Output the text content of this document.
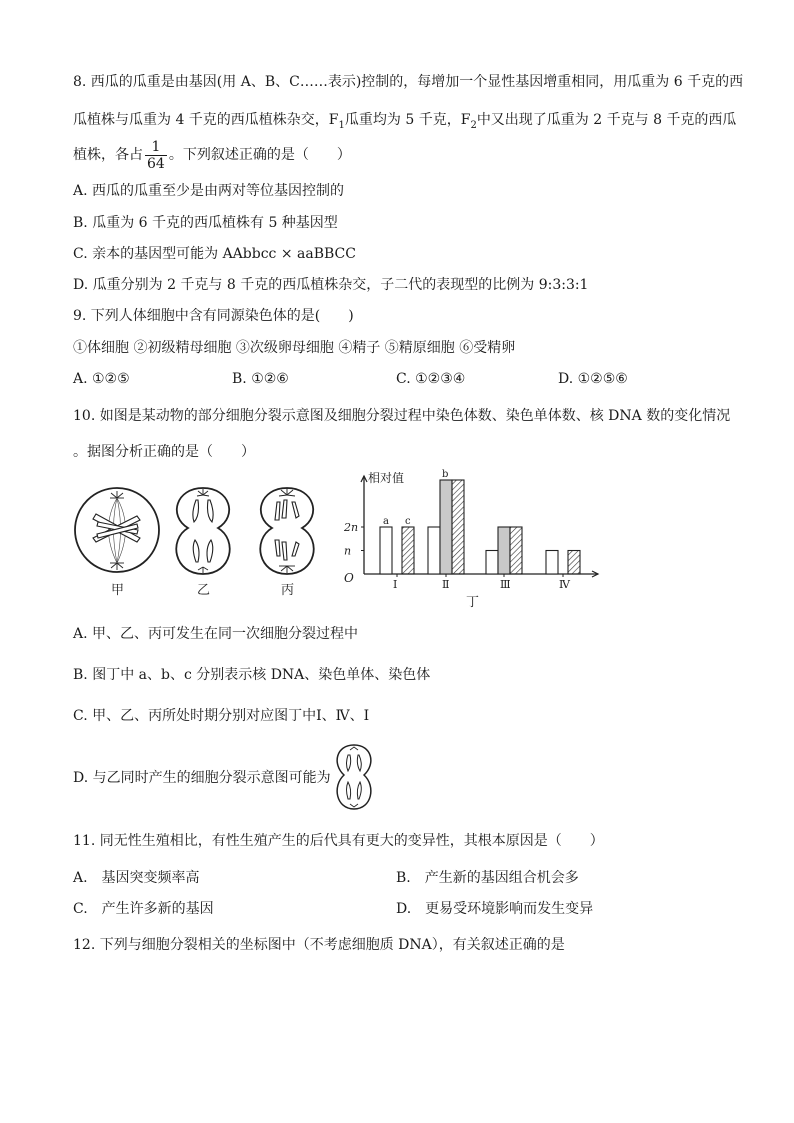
8. 西瓜的瓜重是由基因(用 A、B、C……表示)控制的，每增加一个显性基因增重相同，用瓜重为 6 千克的西
瓜植株与瓜重为 4 千克的西瓜植株杂交，$F_1$瓜重均为 5 千克，$F_2$中又出现了瓜重为 2 千克与 8 千克的西瓜
植株，各占 $\frac{1}{64}$ 。下列叙述正确的是（　　）
A. 西瓜的瓜重至少是由两对等位基因控制的
B. 瓜重为 6 千克的西瓜植株有 5 种基因型
C. 亲本的基因型可能为 AAbbcc × aaBBCC
D. 瓜重分别为 2 千克与 8 千克的西瓜植株杂交，子二代的表现型的比例为 9:3:3:1
9. 下列人体细胞中含有同源染色体的是(　　)
①体细胞 ②初级精母细胞 ③次级卵母细胞 ④精子 ⑤精原细胞 ⑥受精卵
A. ①②⑤	B. ①②⑥	C. ①②③④	D. ①②⑤⑥
10. 如图是某动物的部分细胞分裂示意图及细胞分裂过程中染色体数、染色单体数、核 DNA 数的变化情况
。据图分析正确的是（　　）
甲	乙	丙
2n
n
a c
Ⅰ
b
Ⅱ	Ⅲ	Ⅳ
相对值
O
丁
A. 甲、乙、丙可发生在同一次细胞分裂过程中
B. 图丁中 a、b、c 分别表示核 DNA、染色单体、染色体
C. 甲、乙、丙所处时期分别对应图丁中Ⅰ、Ⅳ、Ⅰ
D. 与乙同时产生的细胞分裂示意图可能为
11. 同无性生殖相比，有性生殖产生的后代具有更大的变异性，其根本原因是（　　）
A.　基因突变频率高	B.　产生新的基因组合机会多
C.　产生许多新的基因	D.　更易受环境影响而发生变异
12. 下列与细胞分裂相关的坐标图中（不考虑细胞质 DNA），有关叙述正确的是
